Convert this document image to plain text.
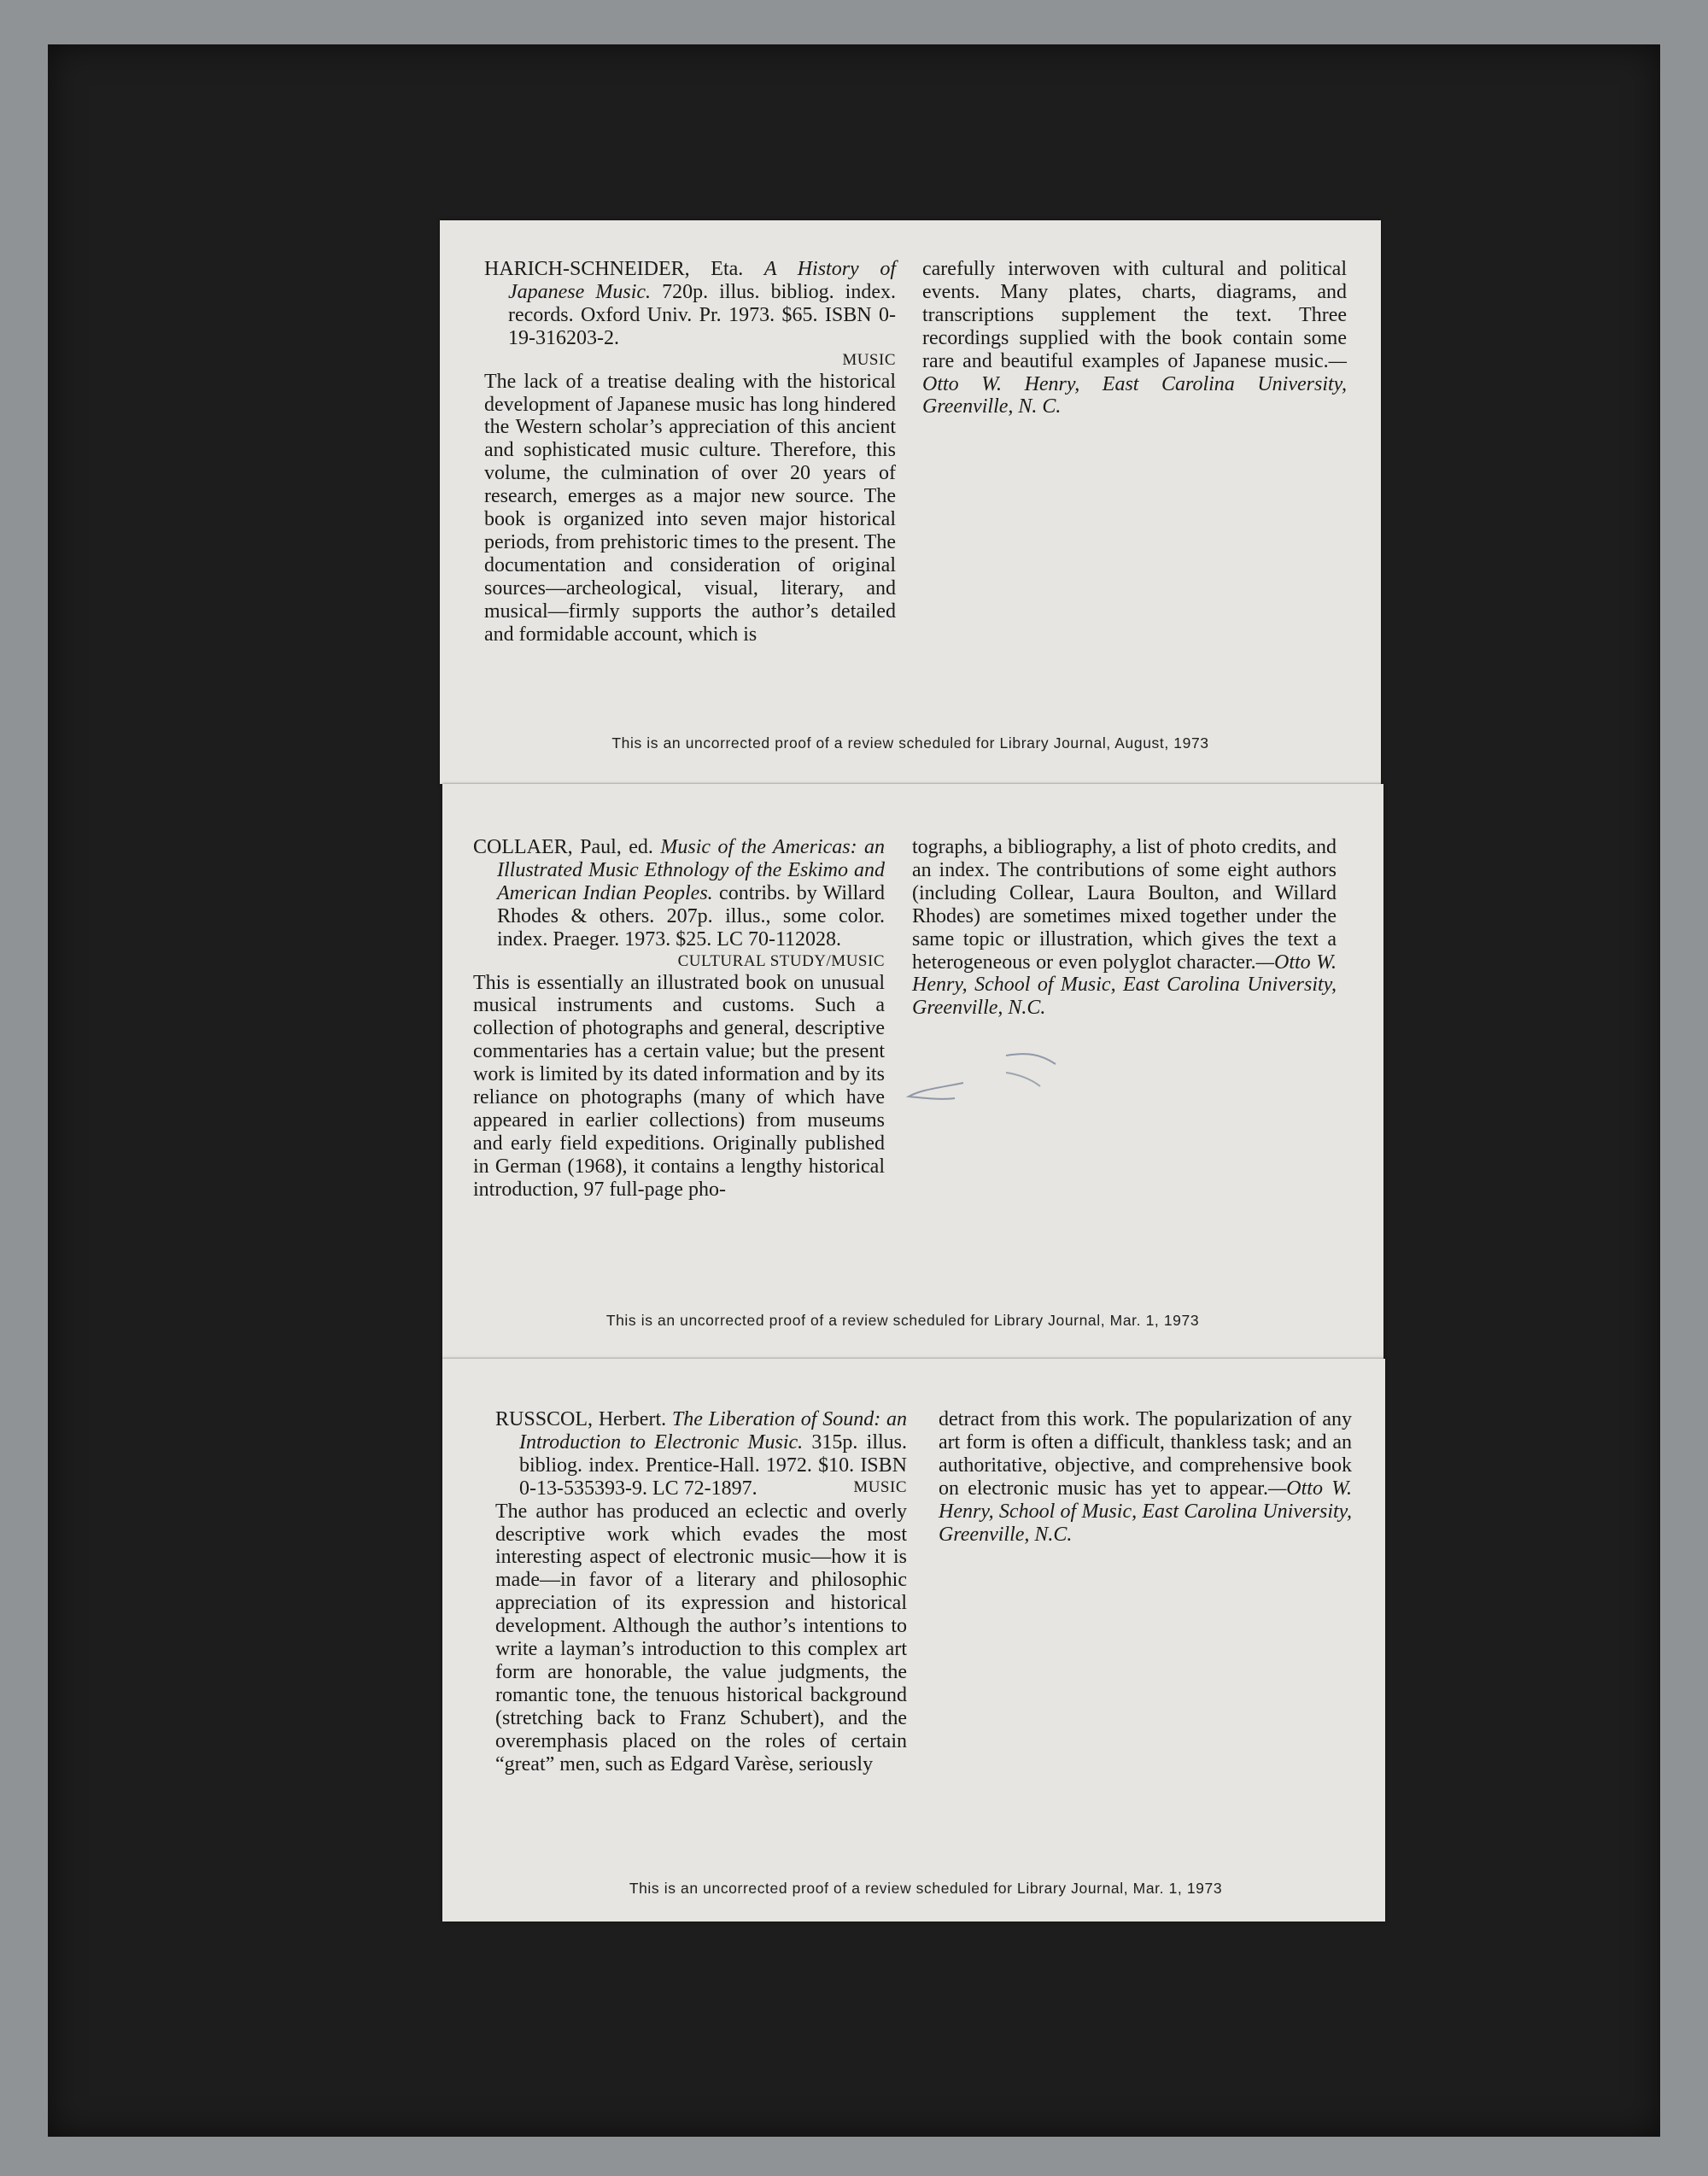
HARICH-SCHNEIDER, Eta. A History of Japanese Music. 720p. illus. bibliog. index. records. Oxford Univ. Pr. 1973. $65. ISBN 0-19-316203-2.
MUSIC

The lack of a treatise dealing with the historical development of Japanese music has long hindered the Western scholar’s appreciation of this ancient and sophisticated music culture. Therefore, this volume, the culmination of over 20 years of research, emerges as a major new source. The book is organized into seven major historical periods, from prehistoric times to the present. The documentation and consideration of original sources—archeological, visual, literary, and musical—firmly supports the author’s detailed and formidable account, which is

carefully interwoven with cultural and political events. Many plates, charts, diagrams, and transcriptions supplement the text. Three recordings supplied with the book contain some rare and beautiful examples of Japanese music.—Otto W. Henry, East Carolina University, Greenville, N. C.

This is an uncorrected proof of a review scheduled for Library Journal, August, 1973

COLLAER, Paul, ed. Music of the Americas: an Illustrated Music Ethnology of the Eskimo and American Indian Peoples. contribs. by Willard Rhodes & others. 207p. illus., some color. index. Praeger. 1973. $25. LC 70-112028.
CULTURAL STUDY/MUSIC

This is essentially an illustrated book on unusual musical instruments and customs. Such a collection of photographs and general, descriptive commentaries has a certain value; but the present work is limited by its dated information and by its reliance on photographs (many of which have appeared in earlier collections) from museums and early field expeditions. Originally published in German (1968), it contains a lengthy historical introduction, 97 full-page pho-

tographs, a bibliography, a list of photo credits, and an index. The contributions of some eight authors (including Collear, Laura Boulton, and Willard Rhodes) are sometimes mixed together under the same topic or illustration, which gives the text a heterogeneous or even polyglot character.—Otto W. Henry, School of Music, East Carolina University, Greenville, N.C.

This is an uncorrected proof of a review scheduled for Library Journal, Mar. 1, 1973

RUSSCOL, Herbert. The Liberation of Sound: an Introduction to Electronic Music. 315p. illus. bibliog. index. Prentice-Hall. 1972. $10. ISBN 0-13-535393-9. LC 72-1897.	MUSIC

The author has produced an eclectic and overly descriptive work which evades the most interesting aspect of electronic music—how it is made—in favor of a literary and philosophic appreciation of its expression and historical development. Although the author’s intentions to write a layman’s introduction to this complex art form are honorable, the value judgments, the romantic tone, the tenuous historical background (stretching back to Franz Schubert), and the overemphasis placed on the roles of certain “great” men, such as Edgard Varèse, seriously

detract from this work. The popularization of any art form is often a difficult, thankless task; and an authoritative, objective, and comprehensive book on electronic music has yet to appear.—Otto W. Henry, School of Music, East Carolina University, Greenville, N.C.

This is an uncorrected proof of a review scheduled for Library Journal, Mar. 1, 1973
